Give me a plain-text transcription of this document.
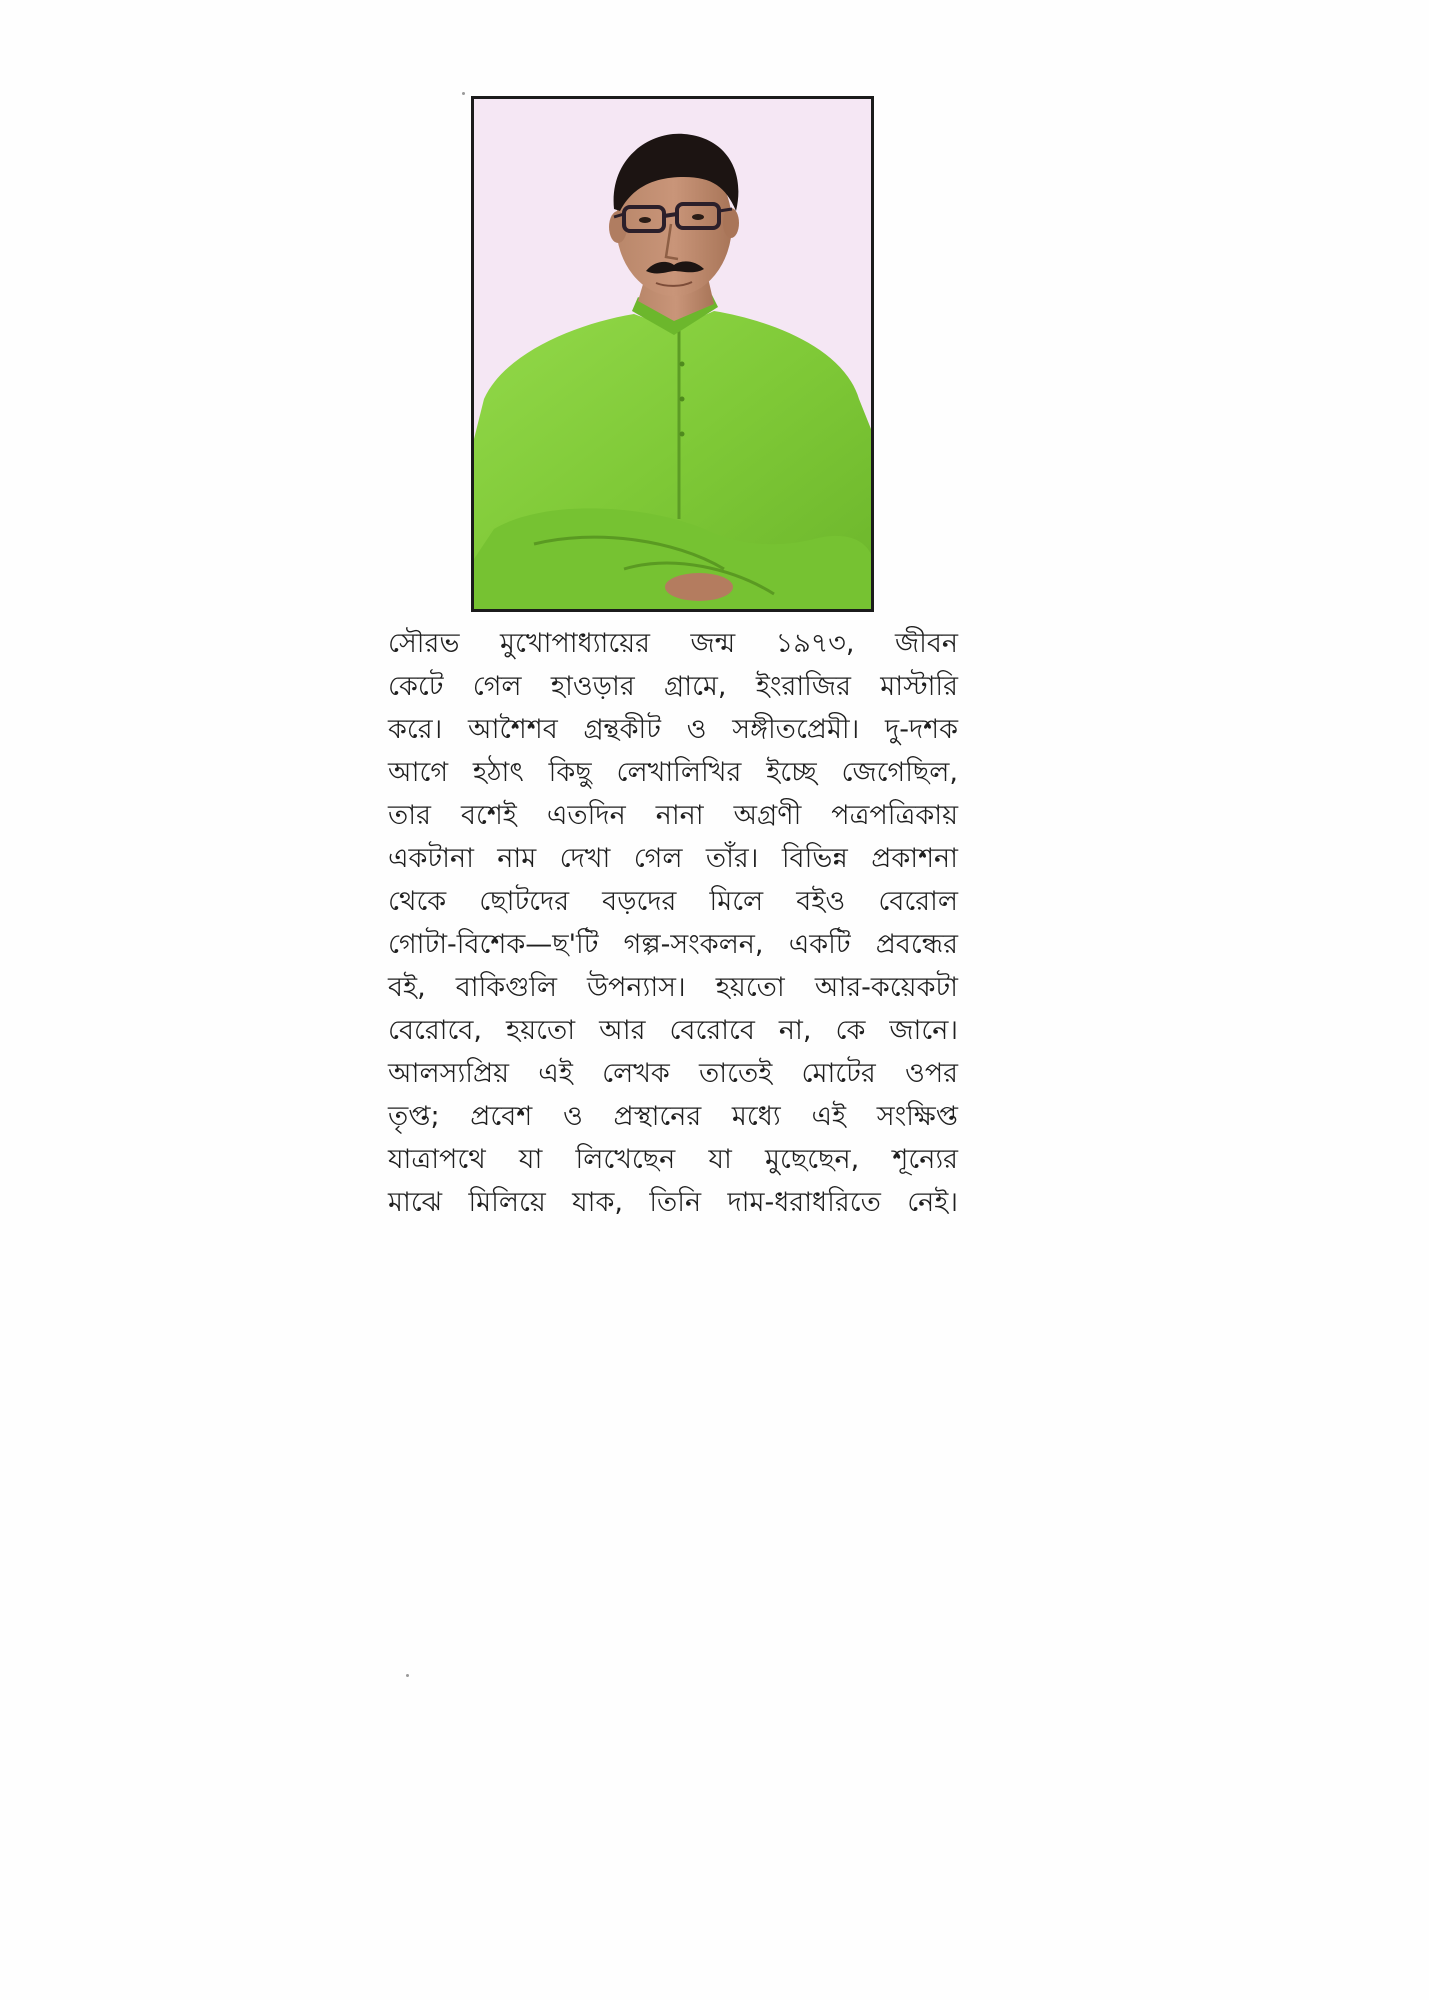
সৌরভ মুখোপাধ্যায়ের জন্ম ১৯৭৩, জীবন
কেটে গেল হাওড়ার গ্রামে, ইংরাজির মাস্টারি
করে। আশৈশব গ্রন্থকীট ও সঙ্গীতপ্রেমী। দু-দশক
আগে হঠাৎ কিছু লেখালিখির ইচ্ছে জেগেছিল,
তার বশেই এতদিন নানা অগ্রণী পত্রপত্রিকায়
একটানা নাম দেখা গেল তাঁর। বিভিন্ন প্রকাশনা
থেকে ছোটদের বড়দের মিলে বইও বেরোল
গোটা-বিশেক—ছ'টি গল্প-সংকলন, একটি প্রবন্ধের
বই, বাকিগুলি উপন্যাস। হয়তো আর-কয়েকটা
বেরোবে, হয়তো আর বেরোবে না, কে জানে।
আলস্যপ্রিয় এই লেখক তাতেই মোটের ওপর
তৃপ্ত; প্রবেশ ও প্রস্থানের মধ্যে এই সংক্ষিপ্ত
যাত্রাপথে যা লিখেছেন যা মুছেছেন, শূন্যের
মাঝে মিলিয়ে যাক, তিনি দাম-ধরাধরিতে নেই।
